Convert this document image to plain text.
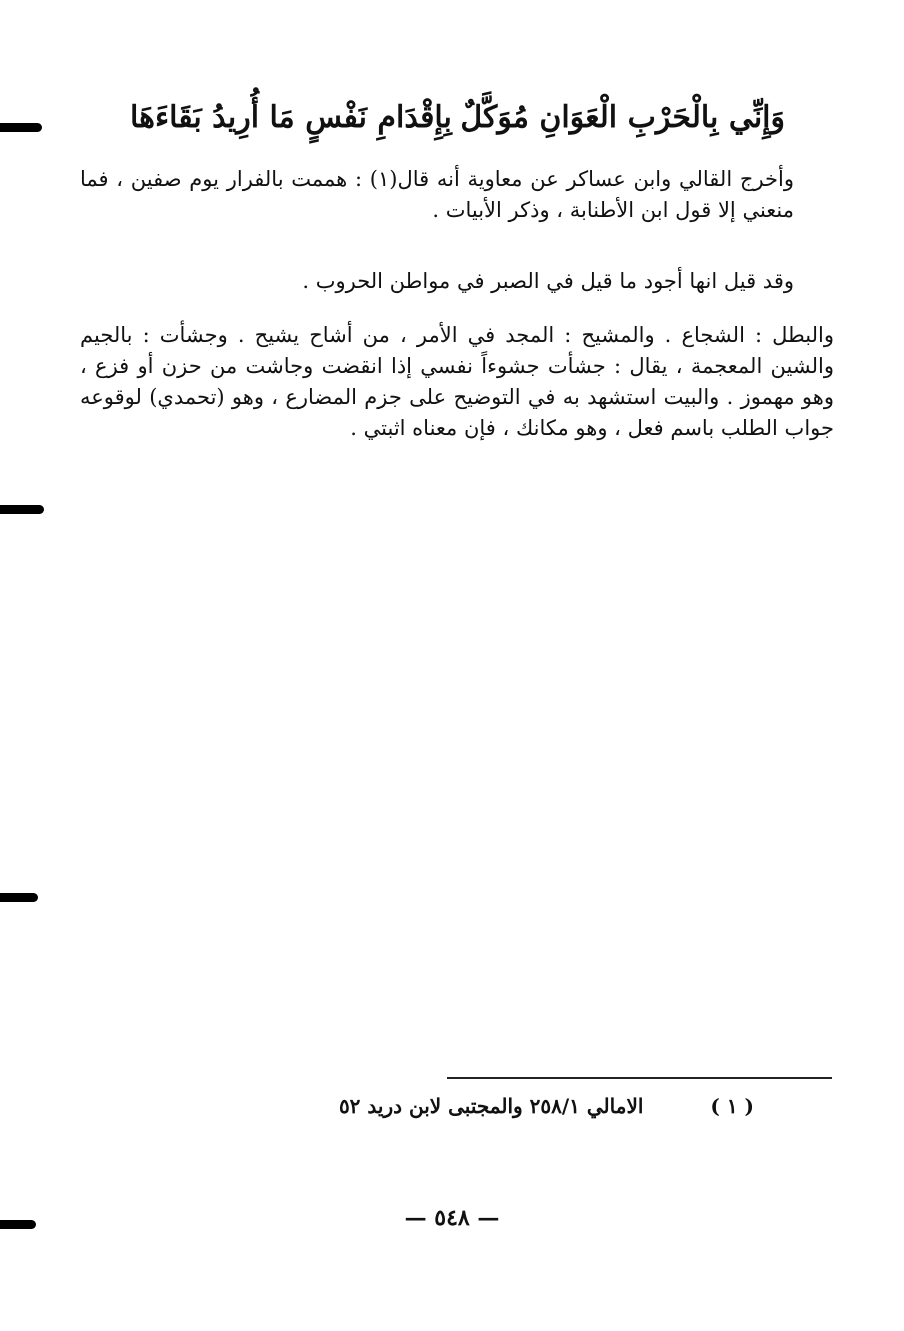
وَإِنِّي بِالْحَرْبِ الْعَوَانِ مُوَكَّلٌ
بِإِقْدَامِ نَفْسٍ مَا أُرِيدُ بَقَاءَهَا

وأخرج القالي وابن عساكر عن معاوية أنه قال(١) : هممت بالفرار يوم صفين ، فما منعني إلا قول ابن الأطنابة ، وذكر الأبيات .

وقد قيل انها أجود ما قيل في الصبر في مواطن الحروب .

والبطل : الشجاع . والمشيح : المجد في الأمر ، من أشاح يشيح . وجشأت : بالجيم والشين المعجمة ، يقال : جشأت جشوءاً نفسي إذا انقضت وجاشت من حزن أو فزع ، وهو مهموز . والبيت استشهد به في التوضيح على جزم المضارع ، وهو (تحمدي) لوقوعه جواب الطلب باسم فعل ، وهو مكانك ، فإن معناه اثبتي .

( ١ ) الامالي ٢٥٨/١ والمجتبى لابن دريد ٥٢
— ٥٤٨ —
